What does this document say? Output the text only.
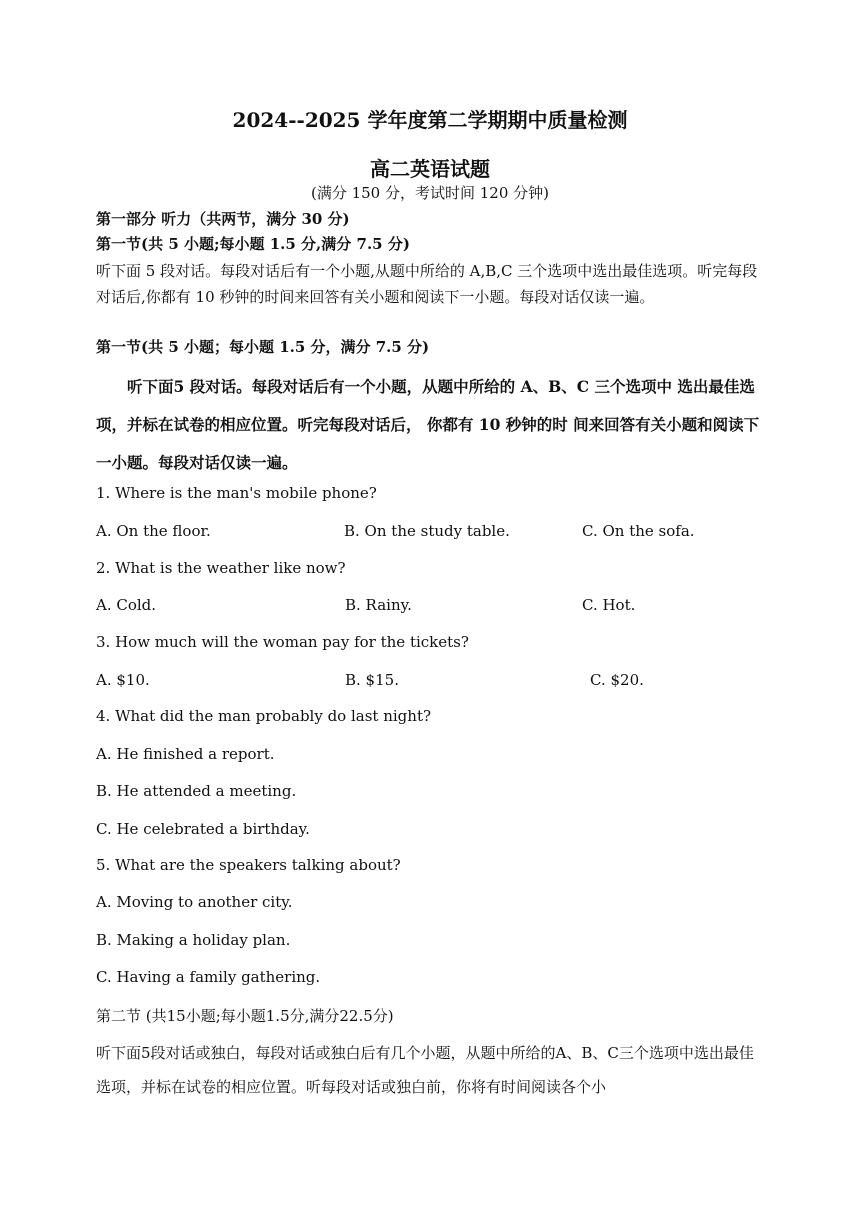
2024--2025 学年度第二学期期中质量检测
高二英语试题
(满分 150 分，考试时间 120 分钟)
第一部分 听力（共两节，满分 30 分)
第一节(共 5 小题;每小题 1.5 分,满分 7.5 分)
听下面 5 段对话。每段对话后有一个小题,从题中所给的 A,B,C 三个选项中选出最佳选项。听完每段对话后,你都有 10 秒钟的时间来回答有关小题和阅读下一小题。每段对话仅读一遍。
第一节(共 5 小题；每小题 1.5 分，满分 7.5 分)
听下面5 段对话。每段对话后有一个小题，从题中所给的 A、B、C 三个选项中 选出最佳选项，并标在试卷的相应位置。听完每段对话后， 你都有 10 秒钟的时 间来回答有关小题和阅读下一小题。每段对话仅读一遍。
1. Where is the man's mobile phone?
A. On the floor.	B. On the study table.	C. On the sofa.
2. What is the weather like now?
A. Cold.	B. Rainy.	C. Hot.
3. How much will the woman pay for the tickets?
A. $10.	B. $15.	C. $20.
4. What did the man probably do last night?
A. He finished a report.
B. He attended a meeting.
C. He celebrated a birthday.
5. What are the speakers talking about?
A. Moving to another city.
B. Making a holiday plan.
C. Having a family gathering.
第二节 (共15小题;每小题1.5分,满分22.5分)
听下面5段对话或独白，每段对话或独白后有几个小题，从题中所给的A、B、C三个选项中选出最佳选项，并标在试卷的相应位置。听每段对话或独白前，你将有时间阅读各个小
